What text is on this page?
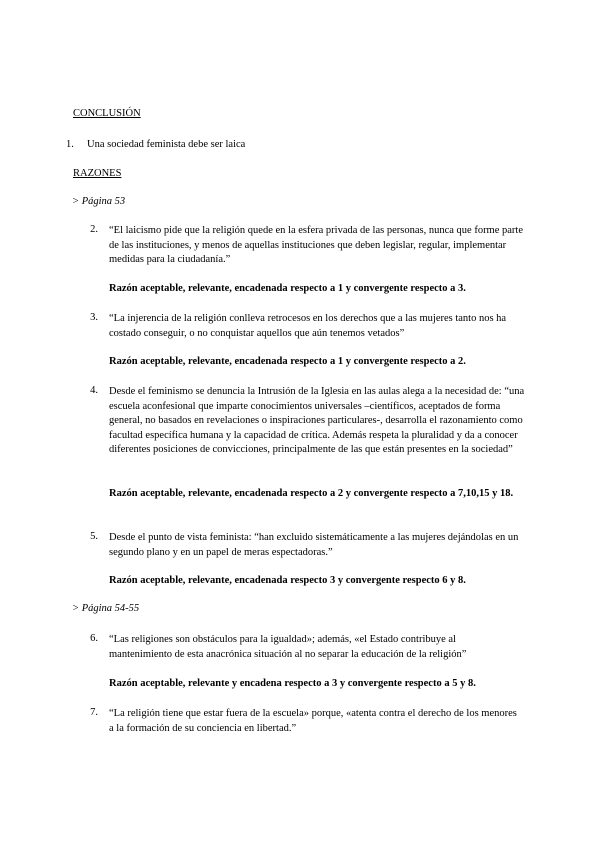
CONCLUSIÓN
1. Una sociedad feminista debe ser laica
RAZONES
> Página 53
2. “El laicismo pide que la religión quede en la esfera privada de las personas, nunca que forme parte de las instituciones, y menos de aquellas instituciones que deben legislar, regular, implementar medidas para la ciudadanía.”
Razón aceptable, relevante, encadenada respecto a 1 y convergente respecto a 3.
3. “La injerencia de la religión conlleva retrocesos en los derechos que a las mujeres tanto nos ha costado conseguir, o no conquistar aquellos que aún tenemos vetados”
Razón aceptable, relevante, encadenada respecto a 1 y convergente respecto a 2.
4. Desde el feminismo se denuncia la Intrusión de la Iglesia en las aulas alega a la necesidad de: “una escuela aconfesional que imparte conocimientos universales –científicos, aceptados de forma general, no basados en revelaciones o inspiraciones particulares-, desarrolla el razonamiento como facultad específica humana y la capacidad de crítica. Además respeta la pluralidad y da a conocer diferentes posiciones de convicciones, principalmente de las que están presentes en la sociedad”
Razón aceptable, relevante, encadenada respecto a 2 y convergente respecto a 7,10,15 y 18.
5. Desde el punto de vista feminista: “han excluido sistemáticamente a las mujeres dejándolas en un segundo plano y en un papel de meras espectadoras.”
Razón aceptable, relevante, encadenada respecto 3 y convergente respecto 6 y 8.
> Página 54-55
6. “Las religiones son obstáculos para la igualdad»; además, «el Estado contribuye al mantenimiento de esta anacrónica situación al no separar la educación de la religión”
Razón aceptable, relevante y encadena respecto a 3 y convergente respecto a 5 y 8.
7. “La religión tiene que estar fuera de la escuela» porque, «atenta contra el derecho de los menores a la formación de su conciencia en libertad.”
